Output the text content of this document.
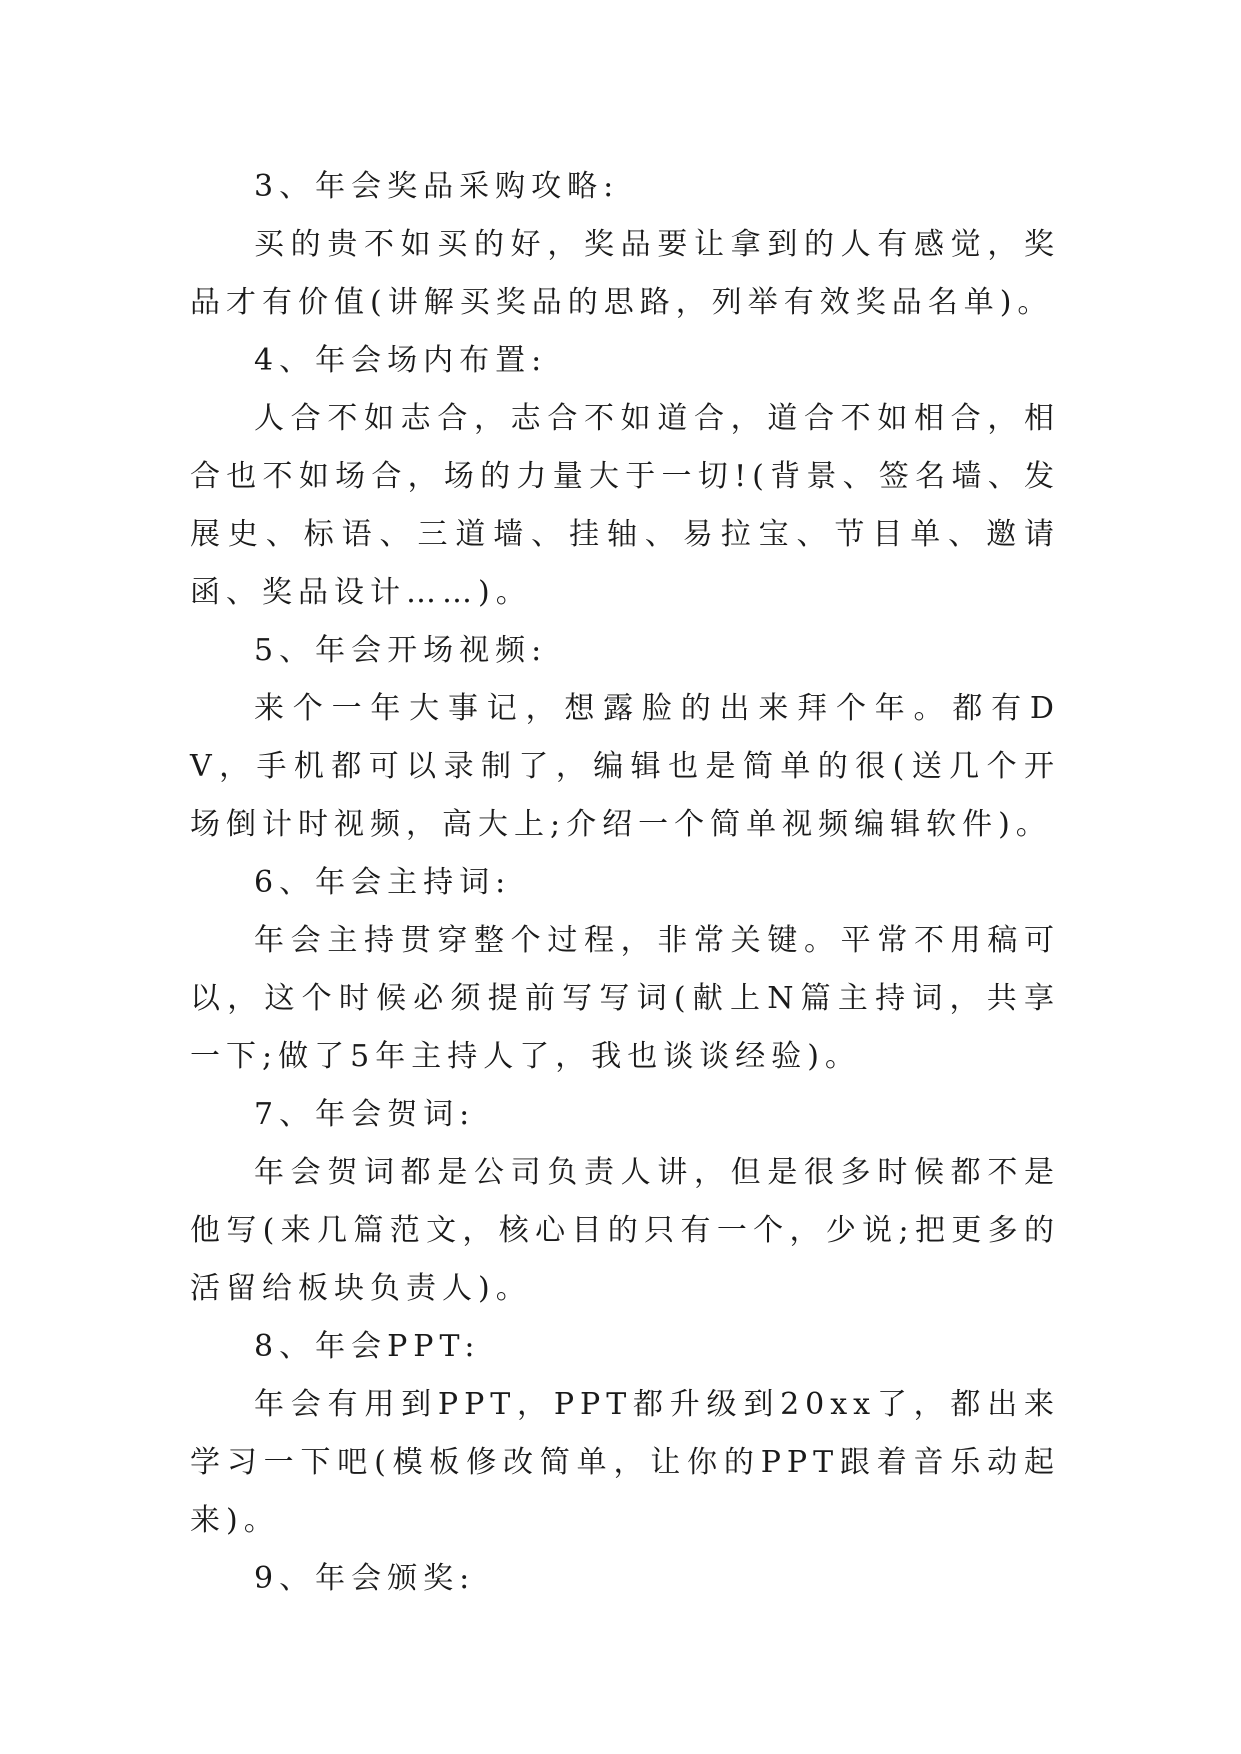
3、年会奖品采购攻略:

买的贵不如买的好，奖品要让拿到的人有感觉，奖品才有价值(讲解买奖品的思路，列举有效奖品名单)。

4、年会场内布置:

人合不如志合，志合不如道合，道合不如相合，相合也不如场合，场的力量大于一切!(背景、签名墙、发展史、标语、三道墙、挂轴、易拉宝、节目单、邀请函、奖品设计……)。

5、年会开场视频:

来个一年大事记，想露脸的出来拜个年。都有DV，手机都可以录制了，编辑也是简单的很(送几个开场倒计时视频，高大上;介绍一个简单视频编辑软件)。

6、年会主持词:

年会主持贯穿整个过程，非常关键。平常不用稿可以，这个时候必须提前写写词(献上N篇主持词，共享一下;做了5年主持人了，我也谈谈经验)。

7、年会贺词:

年会贺词都是公司负责人讲，但是很多时候都不是他写(来几篇范文，核心目的只有一个，少说;把更多的活留给板块负责人)。

8、年会PPT:

年会有用到PPT，PPT都升级到20xx了，都出来学习一下吧(模板修改简单，让你的PPT跟着音乐动起来)。

9、年会颁奖:
